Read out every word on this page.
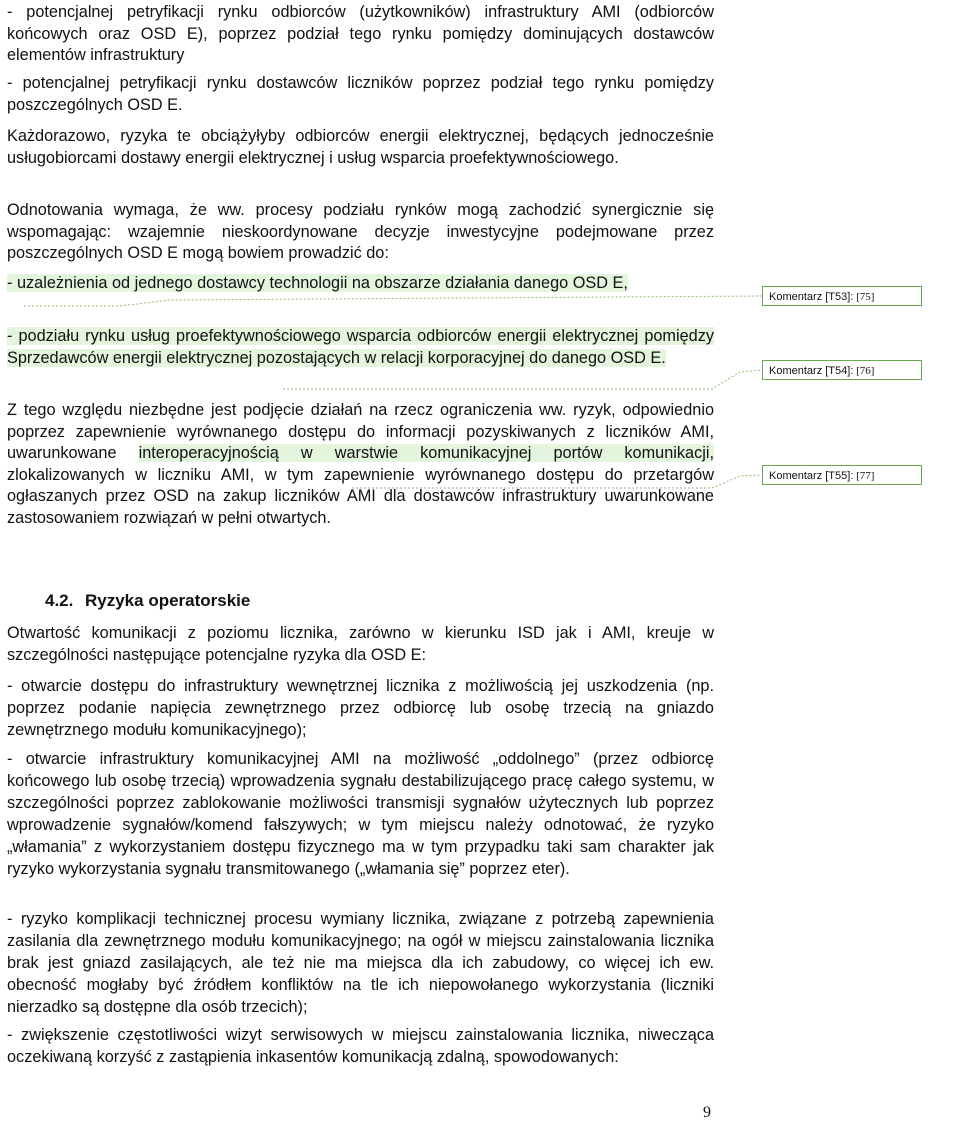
- potencjalnej petryfikacji rynku odbiorców (użytkowników) infrastruktury AMI (odbiorców końcowych oraz OSD E), poprzez podział tego rynku pomiędzy dominujących dostawców elementów infrastruktury

- potencjalnej petryfikacji rynku dostawców liczników poprzez podział tego rynku pomiędzy poszczególnych OSD E.

Każdorazowo, ryzyka te obciążyłyby odbiorców energii elektrycznej, będących jednocześnie usługobiorcami dostawy energii elektrycznej i usług wsparcia proefektywnościowego.

Odnotowania wymaga, że ww. procesy podziału rynków mogą zachodzić synergicznie się wspomagając: wzajemnie nieskoordynowane decyzje inwestycyjne podejmowane przez poszczególnych OSD E mogą bowiem prowadzić do:

- uzależnienia od jednego dostawcy technologii na obszarze działania danego OSD E,

- podziału rynku usług proefektywnościowego wsparcia odbiorców energii elektrycznej pomiędzy Sprzedawców energii elektrycznej pozostających w relacji korporacyjnej do danego OSD E.

Z tego względu niezbędne jest podjęcie działań na rzecz ograniczenia ww. ryzyk, odpowiednio poprzez zapewnienie wyrównanego dostępu do informacji pozyskiwanych z liczników AMI, uwarunkowane interoperacyjnością w warstwie komunikacyjnej portów komunikacji, zlokalizowanych w liczniku AMI, w tym zapewnienie wyrównanego dostępu do przetargów ogłaszanych przez OSD na zakup liczników AMI dla dostawców infrastruktury uwarunkowane zastosowaniem rozwiązań w pełni otwartych.

Komentarz [T53]: [75]
Komentarz [T54]: [76]
Komentarz [T55]: [77]
4.2. Ryzyka operatorskie

Otwartość komunikacji z poziomu licznika, zarówno w kierunku ISD jak i AMI, kreuje w szczególności następujące potencjalne ryzyka dla OSD E:

- otwarcie dostępu do infrastruktury wewnętrznej licznika z możliwością jej uszkodzenia (np. poprzez podanie napięcia zewnętrznego przez odbiorcę lub osobę trzecią na gniazdo zewnętrznego modułu komunikacyjnego);

- otwarcie infrastruktury komunikacyjnej AMI na możliwość „oddolnego” (przez odbiorcę końcowego lub osobę trzecią) wprowadzenia sygnału destabilizującego pracę całego systemu, w szczególności poprzez zablokowanie możliwości transmisji sygnałów użytecznych lub poprzez wprowadzenie sygnałów/komend fałszywych; w tym miejscu należy odnotować, że ryzyko „włamania” z wykorzystaniem dostępu fizycznego ma w tym przypadku taki sam charakter jak ryzyko wykorzystania sygnału transmitowanego („włamania się” poprzez eter).

- ryzyko komplikacji technicznej procesu wymiany licznika, związane z potrzebą zapewnienia zasilania dla zewnętrznego modułu komunikacyjnego; na ogół w miejscu zainstalowania licznika brak jest gniazd zasilających, ale też nie ma miejsca dla ich zabudowy, co więcej ich ew. obecność mogłaby być źródłem konfliktów na tle ich niepowołanego wykorzystania (liczniki nierzadko są dostępne dla osób trzecich);

- zwiększenie częstotliwości wizyt serwisowych w miejscu zainstalowania licznika, niwecząca oczekiwaną korzyść z zastąpienia inkasentów komunikacją zdalną, spowodowanych:

9
